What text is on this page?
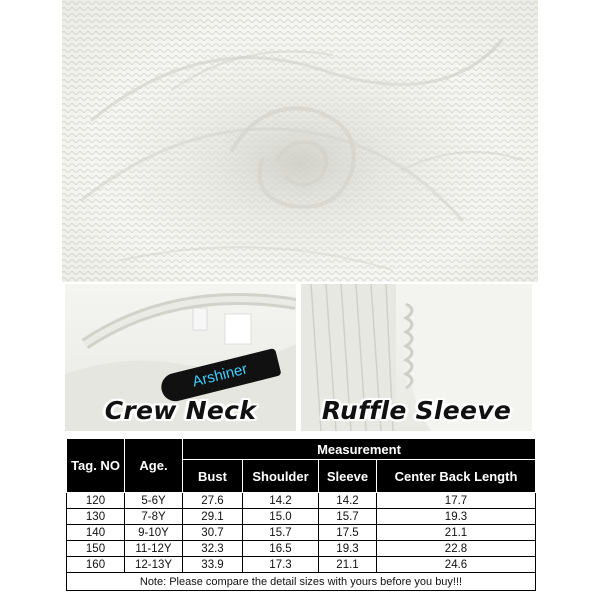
Arshiner
Crew Neck	Ruffle Sleeve
Tag. NO	Age.	Measurement			
		Bust	Shoulder	Sleeve	Center Back Length
120	5-6Y	27.6	14.2	14.2	17.7
130	7-8Y	29.1	15.0	15.7	19.3
140	9-10Y	30.7	15.7	17.5	21.1
150	11-12Y	32.3	16.5	19.3	22.8
160	12-13Y	33.9	17.3	21.1	24.6
Note: Please compare the detail sizes with yours before you buy!!!					
